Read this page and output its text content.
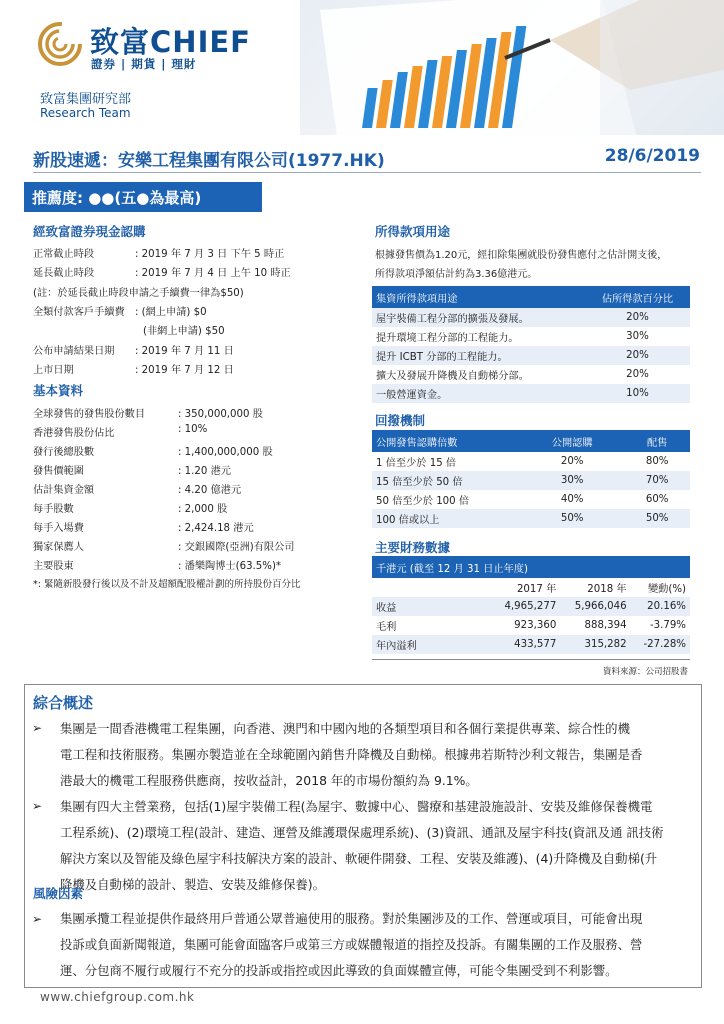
致富CHIEF
證券 | 期貨 | 理財
致富集團研究部
Research Team
新股速遞：安樂工程集團有限公司(1977.HK)	28/6/2019
推薦度: ●●(五●為最高)
經致富證券現金認購
正常截止時段	: 2019 年 7 月 3 日 下午 5 時正
延長截止時段	: 2019 年 7 月 4 日 上午 10 時正
(註：於延長截止時段申請之手續費一律為$50)
全類付款客戶手續費 : (網上申請) $0
(非網上申請) $50
公布申請結果日期 : 2019 年 7 月 11 日
上市日期	: 2019 年 7 月 12 日
基本資料
全球發售的發售股份數目	: 350,000,000 股
香港發售股份佔比	: 10%
發行後總股數	: 1,400,000,000 股
發售價範圍	: 1.20 港元
估計集資金額	: 4.20 億港元
每手股數	: 2,000 股
每手入場費	: 2,424.18 港元
獨家保薦人	: 交銀國際(亞洲)有限公司
主要股東	: 潘樂陶博士(63.5%)*
*: 緊隨新股發行後以及不計及超額配股權計劃的所持股份百分比
所得款項用途
根據發售價為1.20元，經扣除集團就股份發售應付之估計開支後，
所得款項淨額估計約為3.36億港元。
集資所得款項用途	佔所得款百分比
屋宇裝備工程分部的擴張及發展。	20%
提升環境工程分部的工程能力。	30%
提升 ICBT 分部的工程能力。	20%
擴大及發展升降機及自動梯分部。	20%
一般營運資金。	10%
回撥機制
公開發售認購倍數	公開認購	配售
1 倍至少於 15 倍	20%	80%
15 倍至少於 50 倍	30%	70%
50 倍至少於 100 倍	40%	60%
100 倍或以上	50%	50%
主要財務數據
千港元 (截至 12 月 31 日止年度)			
	2017 年	2018 年	變動(%)
收益	4,965,277	5,966,046	20.16%
毛利	923,360	888,394	-3.79%
年內溢利	433,577	315,282	-27.28%
資料來源：公司招股書
綜合概述
➢ 集團是一間香港機電工程集團，向香港、澳門和中國內地的各類型項目和各個行業提供專業、綜合性的機
電工程和技術服務。集團亦製造並在全球範圍內銷售升降機及自動梯。根據弗若斯特沙利文報告，集團是香
港最大的機電工程服務供應商，按收益計，2018 年的市場份額約為 9.1%。
➢ 集團有四大主營業務，包括(1)屋宇裝備工程(為屋宇、數據中心、醫療和基建設施設計、安裝及維修保養機電
工程系統)、(2)環境工程(設計、建造、運營及維護環保處理系統)、(3)資訊、通訊及屋宇科技(資訊及通 訊技術
解決方案以及智能及綠色屋宇科技解決方案的設計、軟硬件開發、工程、安裝及維護)、(4)升降機及自動梯(升
降機及自動梯的設計、製造、安裝及維修保養)。
風險因素
➢ 集團承攬工程並提供作最終用戶普通公眾普遍使用的服務。對於集團涉及的工作、營運或項目，可能會出現
投訴或負面新聞報道，集團可能會面臨客戶或第三方或媒體報道的指控及投訴。有關集團的工作及服務、營
運、分包商不履行或履行不充分的投訴或指控或因此導致的負面媒體宣傳，可能令集團受到不利影響。
www.chiefgroup.com.hk
